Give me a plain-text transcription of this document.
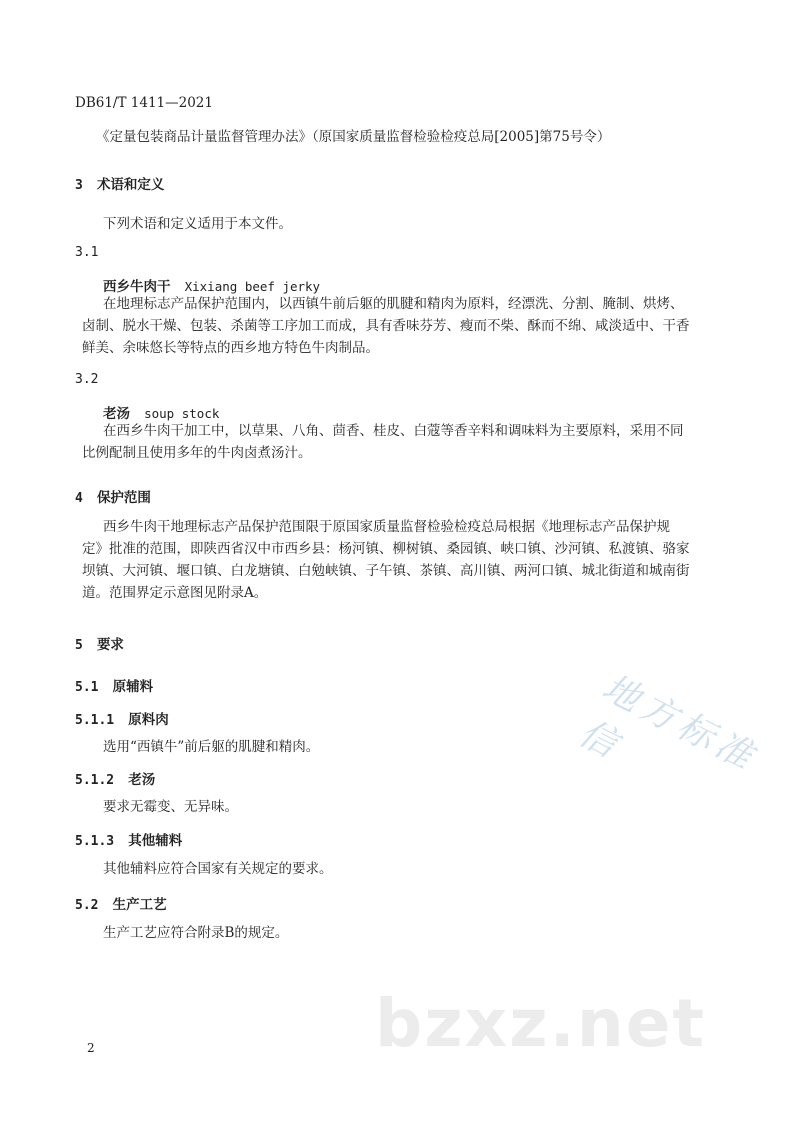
DB61/T 1411—2021
《定量包装商品计量监督管理办法》（原国家质量监督检验检疫总局[2005]第75号令）
3 术语和定义
下列术语和定义适用于本文件。
3.1
西乡牛肉干 Xixiang beef jerky
在地理标志产品保护范围内，以西镇牛前后躯的肌腱和精肉为原料，经漂洗、分割、腌制、烘烤、
卤制、脱水干燥、包装、杀菌等工序加工而成，具有香味芬芳、瘦而不柴、酥而不绵、咸淡适中、干香
鲜美、余味悠长等特点的西乡地方特色牛肉制品。
3.2
老汤 soup stock
在西乡牛肉干加工中，以草果、八角、茴香、桂皮、白蔻等香辛料和调味料为主要原料，采用不同
比例配制且使用多年的牛肉卤煮汤汁。
4 保护范围
西乡牛肉干地理标志产品保护范围限于原国家质量监督检验检疫总局根据《地理标志产品保护规
定》批准的范围，即陕西省汉中市西乡县：杨河镇、柳树镇、桑园镇、峡口镇、沙河镇、私渡镇、骆家
坝镇、大河镇、堰口镇、白龙塘镇、白勉峡镇、子午镇、茶镇、高川镇、两河口镇、城北街道和城南街
道。范围界定示意图见附录A。
5 要求
5.1 原辅料
5.1.1 原料肉
选用“西镇牛”前后躯的肌腱和精肉。
5.1.2 老汤
要求无霉变、无异味。
5.1.3 其他辅料
其他辅料应符合国家有关规定的要求。
5.2 生产工艺
生产工艺应符合附录B的规定。
地方标准信
bzxz.net
2
